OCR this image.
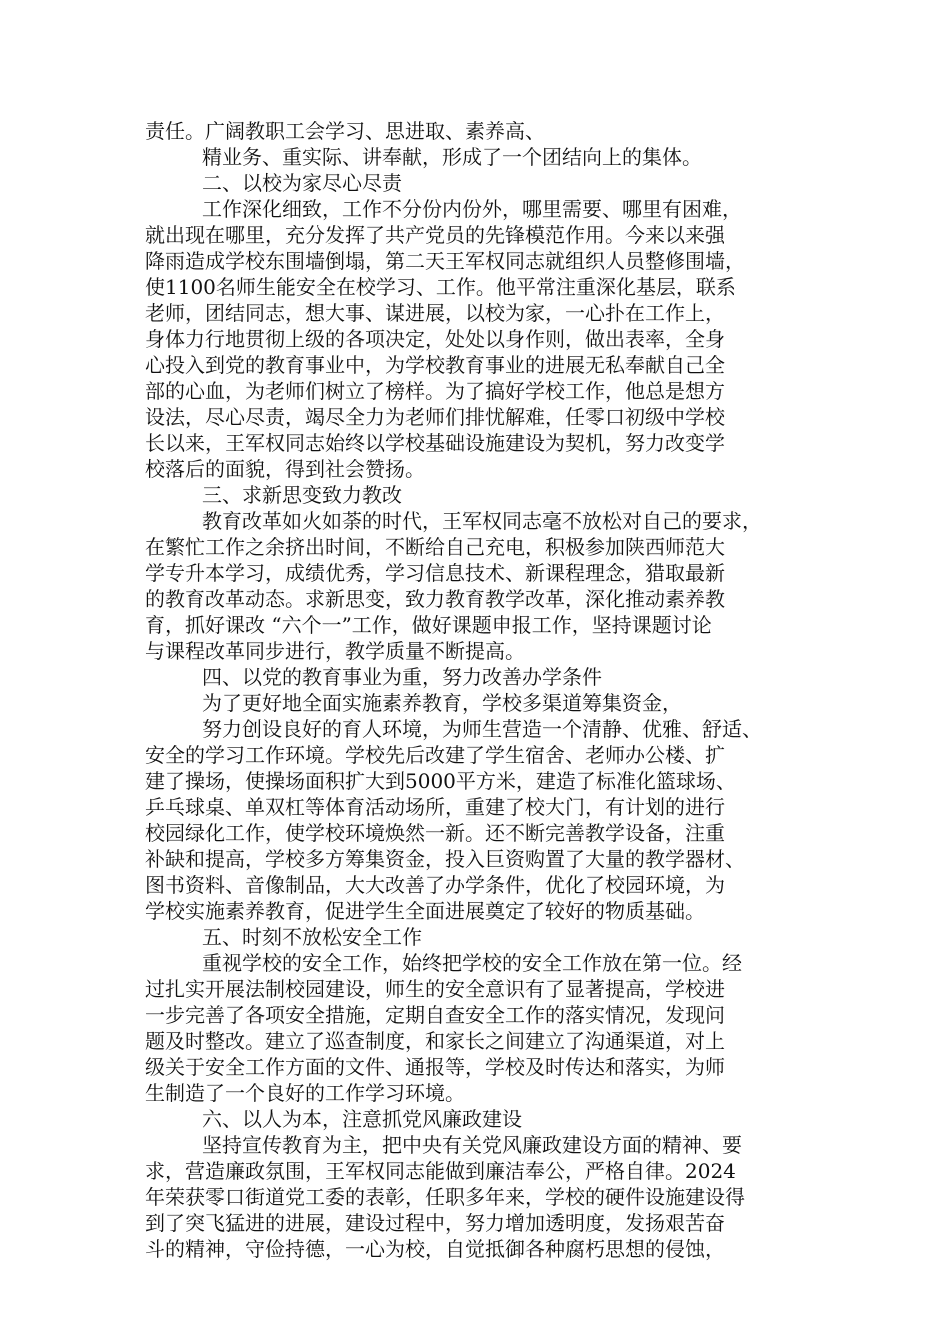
责任。广阔教职工会学习、思进取、素养高、
精业务、重实际、讲奉献，形成了一个团结向上的集体。
二、以校为家尽心尽责
工作深化细致，工作不分份内份外，哪里需要、哪里有困难，
就出现在哪里，充分发挥了共产党员的先锋模范作用。今来以来强
降雨造成学校东围墙倒塌，第二天王军权同志就组织人员整修围墙，
使1100名师生能安全在校学习、工作。他平常注重深化基层，联系
老师，团结同志，想大事、谋进展，以校为家，一心扑在工作上，
身体力行地贯彻上级的各项决定，处处以身作则，做出表率，全身
心投入到党的教育事业中，为学校教育事业的进展无私奉献自己全
部的心血，为老师们树立了榜样。为了搞好学校工作，他总是想方
设法，尽心尽责，竭尽全力为老师们排忧解难，任零口初级中学校
长以来，王军权同志始终以学校基础设施建设为契机，努力改变学
校落后的面貌，得到社会赞扬。
三、求新思变致力教改
教育改革如火如荼的时代，王军权同志毫不放松对自己的要求，
在繁忙工作之余挤出时间，不断给自己充电，积极参加陕西师范大
学专升本学习，成绩优秀，学习信息技术、新课程理念，猎取最新
的教育改革动态。求新思变，致力教育教学改革，深化推动素养教
育，抓好课改 “六个一”工作，做好课题申报工作，坚持课题讨论
与课程改革同步进行，教学质量不断提高。
四、以党的教育事业为重，努力改善办学条件
为了更好地全面实施素养教育，学校多渠道筹集资金，
努力创设良好的育人环境，为师生营造一个清静、优雅、舒适、
安全的学习工作环境。学校先后改建了学生宿舍、老师办公楼、扩
建了操场，使操场面积扩大到5000平方米，建造了标准化篮球场、
乒乓球桌、单双杠等体育活动场所，重建了校大门，有计划的进行
校园绿化工作，使学校环境焕然一新。还不断完善教学设备，注重
补缺和提高，学校多方筹集资金，投入巨资购置了大量的教学器材、
图书资料、音像制品，大大改善了办学条件，优化了校园环境，为
学校实施素养教育，促进学生全面进展奠定了较好的物质基础。
五、时刻不放松安全工作
重视学校的安全工作，始终把学校的安全工作放在第一位。经
过扎实开展法制校园建设，师生的安全意识有了显著提高，学校进
一步完善了各项安全措施，定期自查安全工作的落实情况，发现问
题及时整改。建立了巡查制度，和家长之间建立了沟通渠道，对上
级关于安全工作方面的文件、通报等，学校及时传达和落实，为师
生制造了一个良好的工作学习环境。
六、以人为本，注意抓党风廉政建设
坚持宣传教育为主，把中央有关党风廉政建设方面的精神、要
求，营造廉政氛围，王军权同志能做到廉洁奉公，严格自律。2024
年荣获零口街道党工委的表彰，任职多年来，学校的硬件设施建设得
到了突飞猛进的进展，建设过程中，努力增加透明度，发扬艰苦奋
斗的精神，守俭持德，一心为校，自觉抵御各种腐朽思想的侵蚀，
